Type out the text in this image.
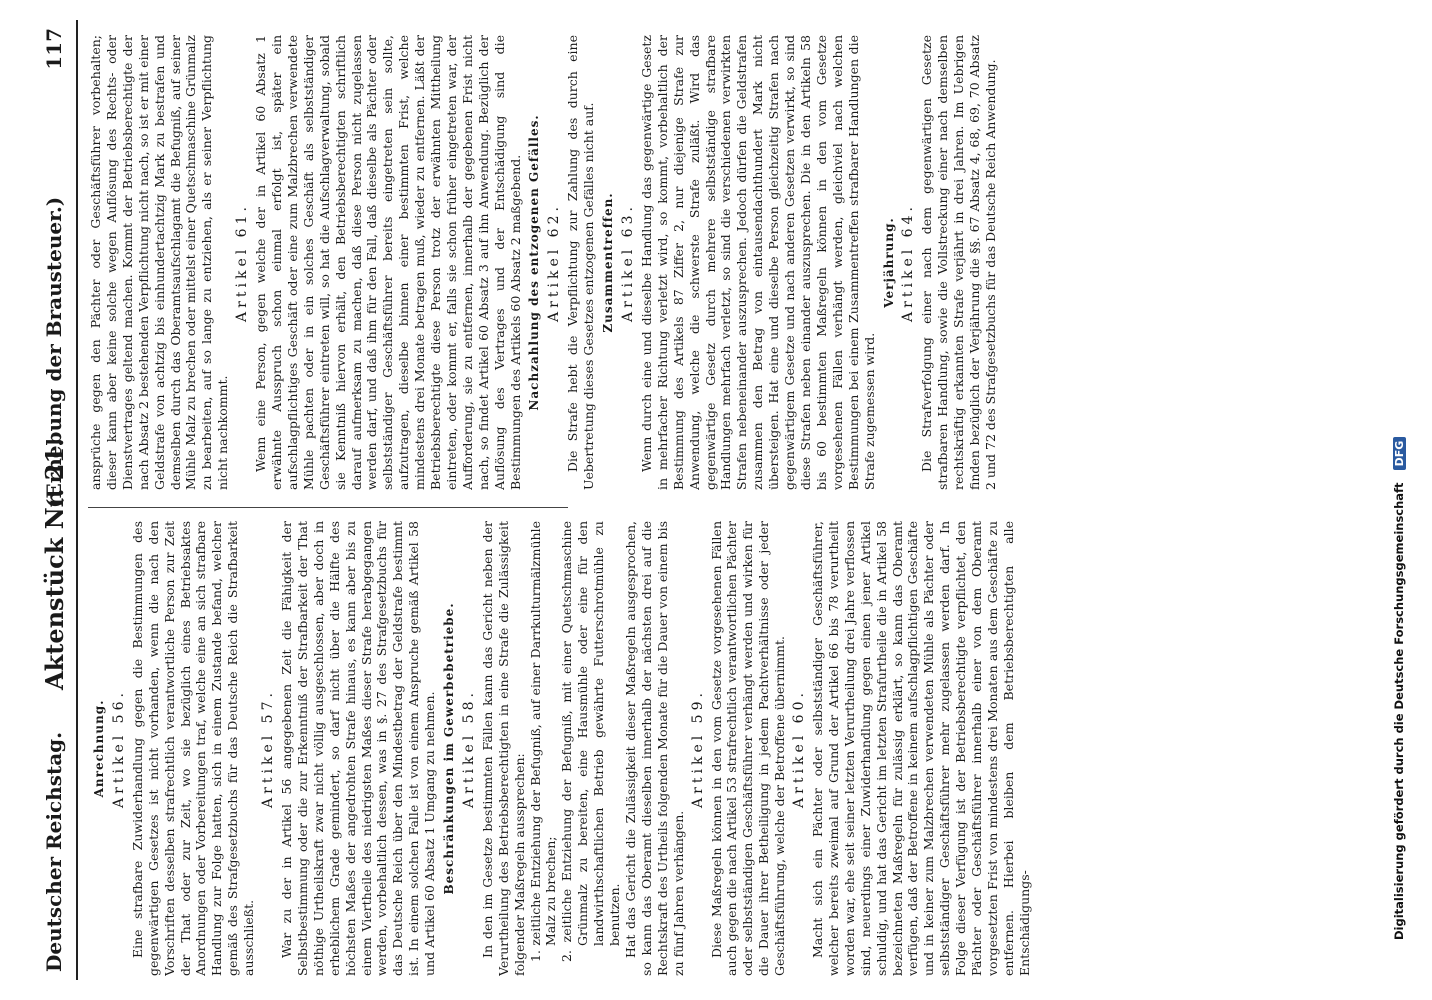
Deutscher Reichstag.
Aktenstück Nr. 21.
(Erhebung der Brausteuer.) 117
Anrechnung. Artikel 56. Eine strafbare Zuwiderhandlung gegen die Bestimmungen des gegenwärtigen Gesetzes ist nicht vorhanden, wenn die nach den Vorschriften desselben strafrechtlich verantwortliche Person zur Zeit der That oder zur Zeit, wo sie bezüglich eines Betriebsaktes Anordnungen oder Vorbereitungen traf, welche eine an sich strafbare Handlung zur Folge hatten, sich in einem Zustande befand, welcher gemäß des Strafgesetzbuchs für das Deutsche Reich die Strafbarkeit ausschließt.

Artikel 57. War zu der in Artikel 56 angegebenen Zeit die Fähigkeit der Selbstbestimmung oder die zur Erkenntniß der Strafbarkeit der That nöthige Urtheilskraft zwar nicht völlig ausgeschlossen, aber doch in erheblichem Grade gemindert, so darf nicht über die Hälfte des höchsten Maßes der angedrohten Strafe hinaus, es kann aber bis zu einem Viertheile des niedrigsten Maßes dieser Strafe herabgegangen werden, vorbehaltlich dessen, was in §. 27 des Strafgesetzbuchs für das Deutsche Reich über den Mindestbetrag der Geldstrafe bestimmt ist. In einem solchen Falle ist von einem Anspruche gemäß Artikel 58 und Artikel 60 Absatz 1 Umgang zu nehmen. Beschränkungen im Gewerbebetriebe. Artikel 58. In den im Gesetze bestimmten Fällen kann das Gericht neben der Verurtheilung des Betriebsberechtigten in eine Strafe die Zulässigkeit folgender Maßregeln aussprechen: 1. zeitliche Entziehung der Befugniß, auf einer Darrkulturmälzmühle Malz zu brechen; 2. zeitliche Entziehung der Befugniß, mit einer Quetschmaschine Grünmalz zu bereiten, eine Hausmühle oder eine für den landwirthschaftlichen Betrieb gewährte Futterschrotmühle zu benutzen. Hat das Gericht die Zulässigkeit dieser Maßregeln ausgesprochen, so kann das Oberamt dieselben innerhalb der nächsten drei auf die Rechtskraft des Urtheils folgenden Monate für die Dauer von einem bis zu fünf Jahren verhängen.

Artikel 59. Diese Maßregeln können in den vom Gesetze vorgesehenen Fällen auch gegen die nach Artikel 53 strafrechtlich verantwortlichen Pächter oder selbstständigen Geschäftsführer verhängt werden und wirken für die Dauer ihrer Betheiligung in jedem Pachtverhältnisse oder jeder Geschäftsführung, welche der Betroffene übernimmt. Artikel 60. Macht sich ein Pächter oder selbstständiger Geschäftsführer, welcher bereits zweimal auf Grund der Artikel 66 bis 78 verurtheilt worden war, ehe seit seiner letzten Verurtheilung drei Jahre verflossen sind, neuerdings einer Zuwiderhandlung gegen einen jener Artikel schuldig, und hat das Gericht im letzten Strafurtheile die in Artikel 58 bezeichneten Maßregeln für zulässig erklärt, so kann das Oberamt verfügen, daß der Betroffene in keinem aufschlagpflichtigen Geschäfte und in keiner zum Malzbrechen verwendeten Mühle als Pächter oder selbstständiger Geschäftsführer mehr zugelassen werden darf. In Folge dieser Verfügung ist der Betriebsberechtigte verpflichtet, den Pächter oder Geschäftsführer innerhalb einer von dem Oberamt vorgesetzten Frist von mindestens drei Monaten aus dem Geschäfte zu entfernen. Hierbei bleiben dem Betriebsberechtigten alle Entschädigungs-

ansprüche gegen den Pächter oder Geschäftsführer vorbehalten; dieser kann aber keine solche wegen Auflösung des Rechts- oder Dienstvertrages geltend machen. Kommt der Betriebsberechtigte der nach Absatz 2 bestehenden Verpflichtung nicht nach, so ist er mit einer Geldstrafe von achtzig bis einhundertachtzig Mark zu bestrafen und demselben durch das Oberamtsaufschlagamt die Befugniß, auf seiner Mühle Malz zu brechen oder mittelst einer Quetschmaschine Grünmalz zu bearbeiten, auf so lange zu entziehen, als er seiner Verpflichtung nicht nachkommt.

Artikel 61. Wenn eine Person, gegen welche der in Artikel 60 Absatz 1 erwähnte Ausspruch schon einmal erfolgt ist, später ein aufschlagpflichtiges Geschäft oder eine zum Malzbrechen verwendete Mühle pachten oder in ein solches Geschäft als selbstständiger Geschäftsführer eintreten will, so hat die Aufschlagverwaltung, sobald sie Kenntniß hiervon erhält, den Betriebsberechtigten schriftlich darauf aufmerksam zu machen, daß diese Person nicht zugelassen werden darf, und daß ihm für den Fall, daß dieselbe als Pächter oder selbstständiger Geschäftsführer bereits eingetreten sein sollte, aufzutragen, dieselbe binnen einer bestimmten Frist, welche mindestens drei Monate betragen muß, wieder zu entfernen. Läßt der Betriebsberechtigte diese Person trotz der erwähnten Mittheilung eintreten, oder kommt er, falls sie schon früher eingetreten war, der Aufforderung, sie zu entfernen, innerhalb der gegebenen Frist nicht nach, so findet Artikel 60 Absatz 3 auf ihn Anwendung. Bezüglich der Auflösung des Vertrages und der Entschädigung sind die Bestimmungen des Artikels 60 Absatz 2 maßgebend. Nachzahlung des entzogenen Gefälles. Artikel 62. Die Strafe hebt die Verpflichtung zur Zahlung des durch eine Uebertretung dieses Gesetzes entzogenen Gefälles nicht auf. Zusammentreffen. Artikel 63. Wenn durch eine und dieselbe Handlung das gegenwärtige Gesetz in mehrfacher Richtung verletzt wird, so kommt, vorbehaltlich der Bestimmung des Artikels 87 Ziffer 2, nur diejenige Strafe zur Anwendung, welche die schwerste Strafe zuläßt. Wird das gegenwärtige Gesetz durch mehrere selbstständige strafbare Handlungen mehrfach verletzt, so sind die verschiedenen verwirkten Strafen nebeneinander auszusprechen. Jedoch dürfen die Geldstrafen zusammen den Betrag von eintausendachthundert Mark nicht übersteigen. Hat eine und dieselbe Person gleichzeitig Strafen nach gegenwärtigem Gesetze und nach anderen Gesetzen verwirkt, so sind diese Strafen neben einander auszusprechen. Die in den Artikeln 58 bis 60 bestimmten Maßregeln können in den vom Gesetze vorgesehenen Fällen verhängt werden, gleichviel nach welchen Bestimmungen bei einem Zusammentreffen strafbarer Handlungen die Strafe zugemessen wird.

Verjährung. Artikel 64. Die Strafverfolgung einer nach dem gegenwärtigen Gesetze strafbaren Handlung, sowie die Vollstreckung einer nach demselben rechtskräftig erkannten Strafe verjährt in drei Jahren. Im Uebrigen finden bezüglich der Verjährung die §§. 67 Absatz 4, 68, 69, 70 Absatz 2 und 72 des Strafgesetzbuchs für das Deutsche Reich Anwendung.

Digitalisierung gefördert durch die Deutsche Forschungsgemeinschaft DFG
